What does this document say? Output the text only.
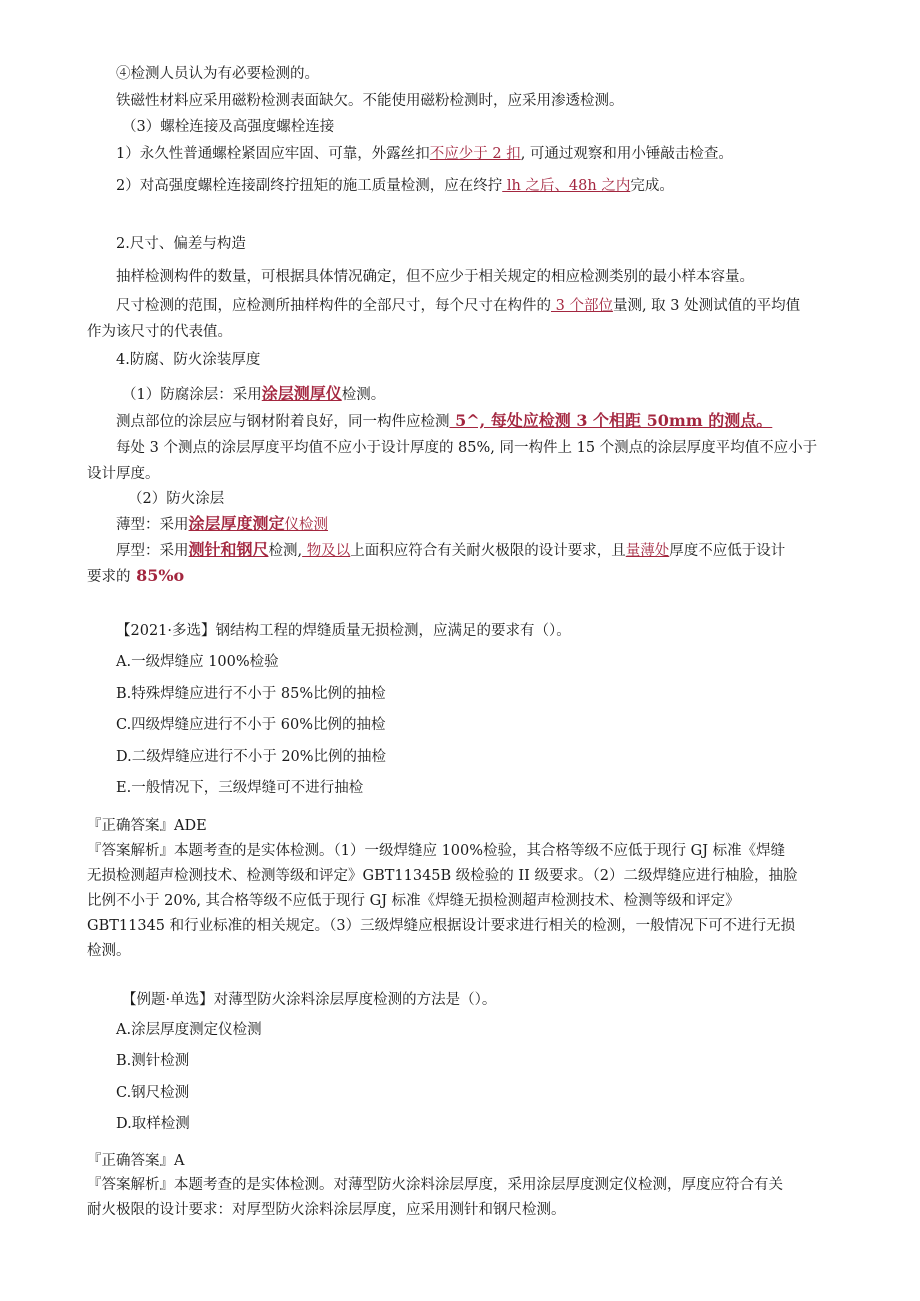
④检测人员认为有必要检测的。
铁磁性材料应采用磁粉检测表面缺欠。不能使用磁粉检测时，应采用渗透检测。
（3）螺栓连接及高强度螺栓连接
1）永久性普通螺栓紧固应牢固、可靠，外露丝扣不应少于 2 扣, 可通过观察和用小锤敲击检查。
2）对高强度螺栓连接副终拧扭矩的施工质量检测，应在终拧 lh 之后、48h 之内完成。
2.尺寸、偏差与构造
抽样检测构件的数量，可根据具体情况确定，但不应少于相关规定的相应检测类别的最小样本容量。
尺寸检测的范围，应检测所抽样构件的全部尺寸，每个尺寸在构件的 3 个部位量测, 取 3 处测试值的平均值
作为该尺寸的代表值。
4.防腐、防火涂装厚度
（1）防腐涂层：采用涂层测厚仪检测。
测点部位的涂层应与钢材附着良好，同一构件应检测 5^, 每处应检测 3 个相距 50mm 的测点。
每处 3 个测点的涂层厚度平均值不应小于设计厚度的 85%, 同一构件上 15 个测点的涂层厚度平均值不应小于
设计厚度。
（2）防火涂层
薄型：采用涂层厚度测定仪检测
厚型：采用测针和钢尺检测, 物及以上面积应符合有关耐火极限的设计要求，且量薄处厚度不应低于设计
要求的 85%o
【2021·多选】钢结构工程的焊缝质量无损检测，应满足的要求有（）。
A.一级焊缝应 100%检验
B.特殊焊缝应进行不小于 85%比例的抽检
C.四级焊缝应进行不小于 60%比例的抽检
D.二级焊缝应进行不小于 20%比例的抽检
E.一般情况下，三级焊缝可不进行抽检
『正确答案』ADE
『答案解析』本题考查的是实体检测。（1）一级焊缝应 100%检验，其合格等级不应低于现行 GJ 标准《焊缝
无损检测超声检测技术、检测等级和评定》GBT11345B 级检验的 II 级要求。（2）二级焊缝应进行柚脸，抽脸
比例不小于 20%, 其合格等级不应低于现行 GJ 标准《焊缝无损检测超声检测技术、检测等级和评定》
GBT11345 和行业标准的相关规定。（3）三级焊缝应根据设计要求进行相关的检测，一般情况下可不进行无损
检测。
【例题·单选】对薄型防火涂料涂层厚度检测的方法是（）。
A.涂层厚度测定仪检测
B.测针检测
C.钢尺检测
D.取样检测
『正确答案』A
『答案解析』本题考查的是实体检测。对薄型防火涂料涂层厚度，采用涂层厚度测定仪检测，厚度应符合有关
耐火极限的设计要求：对厚型防火涂料涂层厚度，应采用测针和钢尺检测。
